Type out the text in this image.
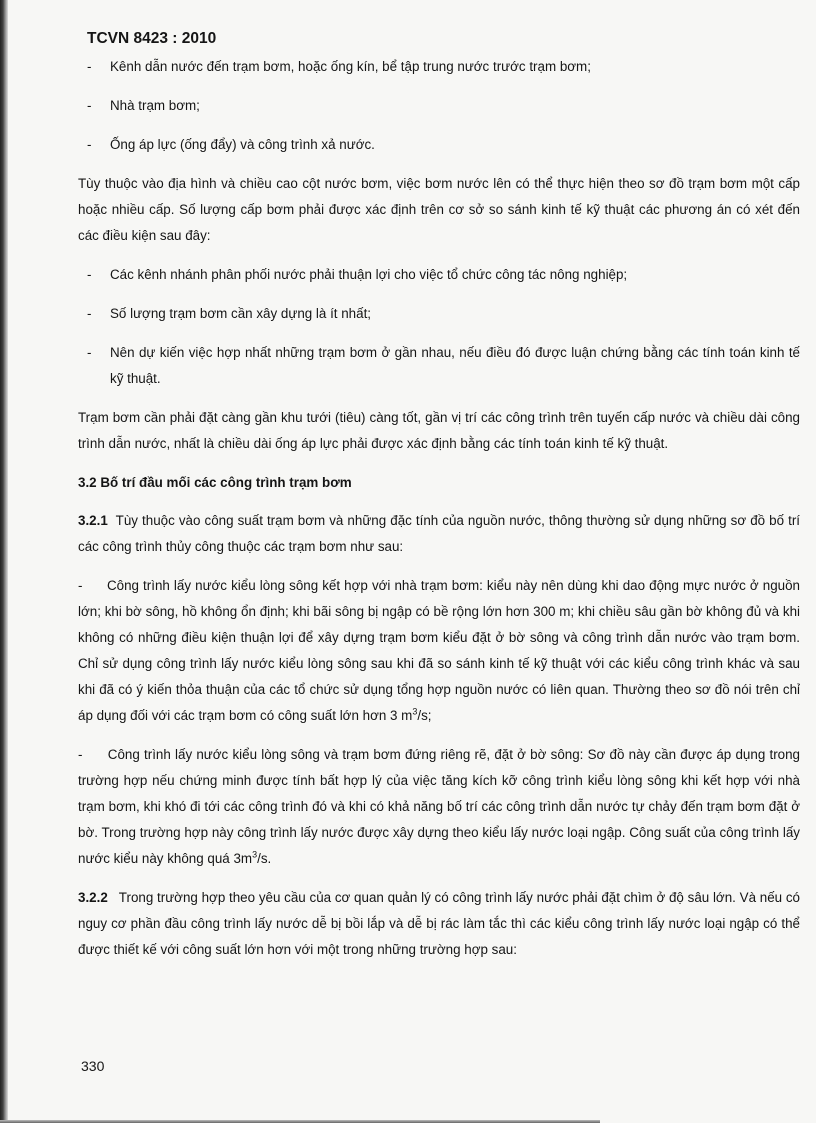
TCVN 8423 : 2010
- Kênh dẫn nước đến trạm bơm, hoặc ống kín, bể tập trung nước trước trạm bơm;
- Nhà trạm bơm;
- Ống áp lực (ống đẩy) và công trình xả nước.

Tùy thuộc vào địa hình và chiều cao cột nước bơm, việc bơm nước lên có thể thực hiện theo sơ đồ trạm bơm một cấp hoặc nhiều cấp. Số lượng cấp bơm phải được xác định trên cơ sở so sánh kinh tế kỹ thuật các phương án có xét đến các điều kiện sau đây:

- Các kênh nhánh phân phối nước phải thuận lợi cho việc tổ chức công tác nông nghiệp;
- Số lượng trạm bơm cần xây dựng là ít nhất;
- Nên dự kiến việc hợp nhất những trạm bơm ở gần nhau, nếu điều đó được luận chứng bằng các tính toán kinh tế kỹ thuật.

Trạm bơm cần phải đặt càng gần khu tưới (tiêu) càng tốt, gần vị trí các công trình trên tuyến cấp nước và chiều dài công trình dẫn nước, nhất là chiều dài ống áp lực phải được xác định bằng các tính toán kinh tế kỹ thuật.

3.2 Bố trí đầu mối các công trình trạm bơm

3.2.1 Tùy thuộc vào công suất trạm bơm và những đặc tính của nguồn nước, thông thường sử dụng những sơ đồ bố trí các công trình thủy công thuộc các trạm bơm như sau:

- Công trình lấy nước kiểu lòng sông kết hợp với nhà trạm bơm: kiểu này nên dùng khi dao động mực nước ở nguồn lớn; khi bờ sông, hồ không ổn định; khi bãi sông bị ngập có bề rộng lớn hơn 300 m; khi chiều sâu gần bờ không đủ và khi không có những điều kiện thuận lợi để xây dựng trạm bơm kiểu đặt ở bờ sông và công trình dẫn nước vào trạm bơm. Chỉ sử dụng công trình lấy nước kiểu lòng sông sau khi đã so sánh kinh tế kỹ thuật với các kiểu công trình khác và sau khi đã có ý kiến thỏa thuận của các tổ chức sử dụng tổng hợp nguồn nước có liên quan. Thường theo sơ đồ nói trên chỉ áp dụng đối với các trạm bơm có công suất lớn hơn 3 $m^3/s$;

- Công trình lấy nước kiểu lòng sông và trạm bơm đứng riêng rẽ, đặt ở bờ sông: Sơ đồ này cần được áp dụng trong trường hợp nếu chứng minh được tính bất hợp lý của việc tăng kích kỡ công trình kiểu lòng sông khi kết hợp với nhà trạm bơm, khi khó đi tới các công trình đó và khi có khả năng bố trí các công trình dẫn nước tự chảy đến trạm bơm đặt ở bờ. Trong trường hợp này công trình lấy nước được xây dựng theo kiểu lấy nước loại ngập. Công suất của công trình lấy nước kiểu này không quá $3m^3/s$.

3.2.2 Trong trường hợp theo yêu cầu của cơ quan quản lý có công trình lấy nước phải đặt chìm ở độ sâu lớn. Và nếu có nguy cơ phần đầu công trình lấy nước dễ bị bồi lắp và dễ bị rác làm tắc thì các kiểu công trình lấy nước loại ngập có thể được thiết kế với công suất lớn hơn với một trong những trường hợp sau:

330
